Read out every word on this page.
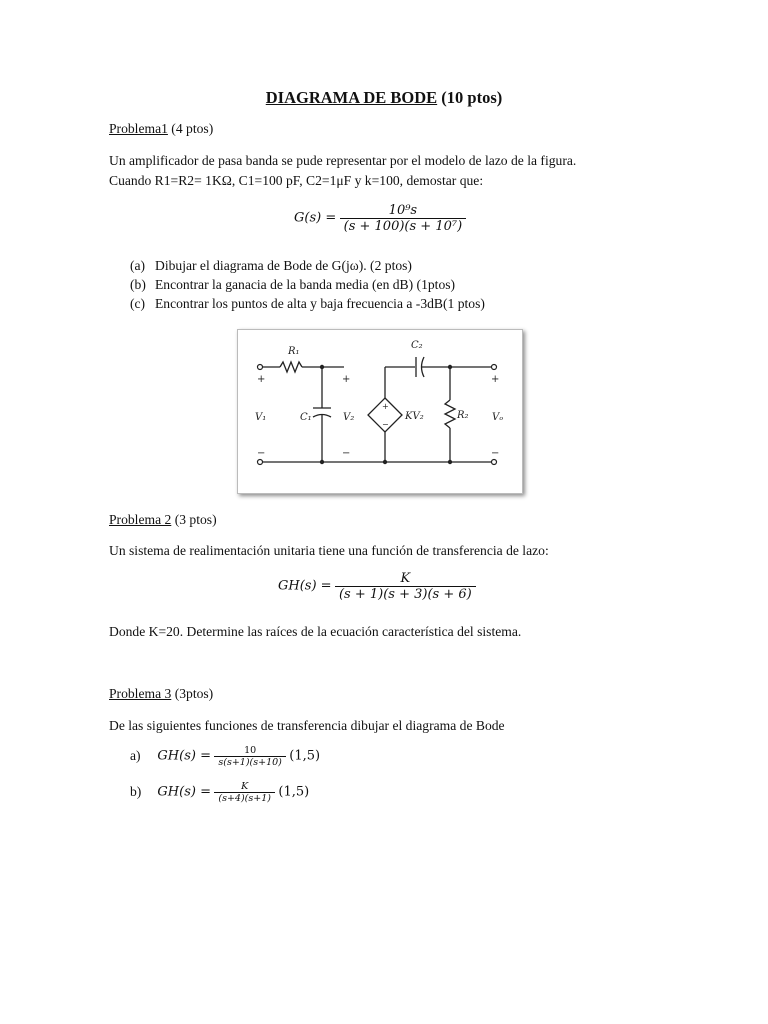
DIAGRAMA DE BODE (10 ptos)
Problema1 (4 ptos)
Un amplificador de pasa banda se pude representar por el modelo de lazo de la figura.
Cuando R1=R2= 1KΩ, C1=100 pF, C2=1μF y k=100, demostar que:
$G(s) = \frac{\text{10⁹s}}{\text{(s + 100)(s + 10⁷)}}$
(a) Dibujar el diagrama de Bode de G(jω). (2 ptos)
(b) Encontrar la ganacia de la banda media (en dB) (1ptos)
(c) Encontrar los puntos de alta y baja frecuencia a -3dB(1 ptos)
R₁
C₁
C₂
R₂
V₁	V₂	Vₒ
KV₂
+	+	+
+
−
−	−	−
Problema 2 (3 ptos)
Un sistema de realimentación unitaria tiene una función de transferencia de lazo:
$GH(s) = \frac{K}{(s + 1)(s + 3)(s + 6)}$
Donde K=20. Determine las raíces de la ecuación característica del sistema.
Problema 3 (3ptos)
De las siguientes funciones de transferencia dibujar el diagrama de Bode
a) $GH(s) = \frac{10}{s(s+1)(s+10)} (1,5)$
b) $GH(s) = \frac{K}{(s+4)(s+1)} (1,5)$
